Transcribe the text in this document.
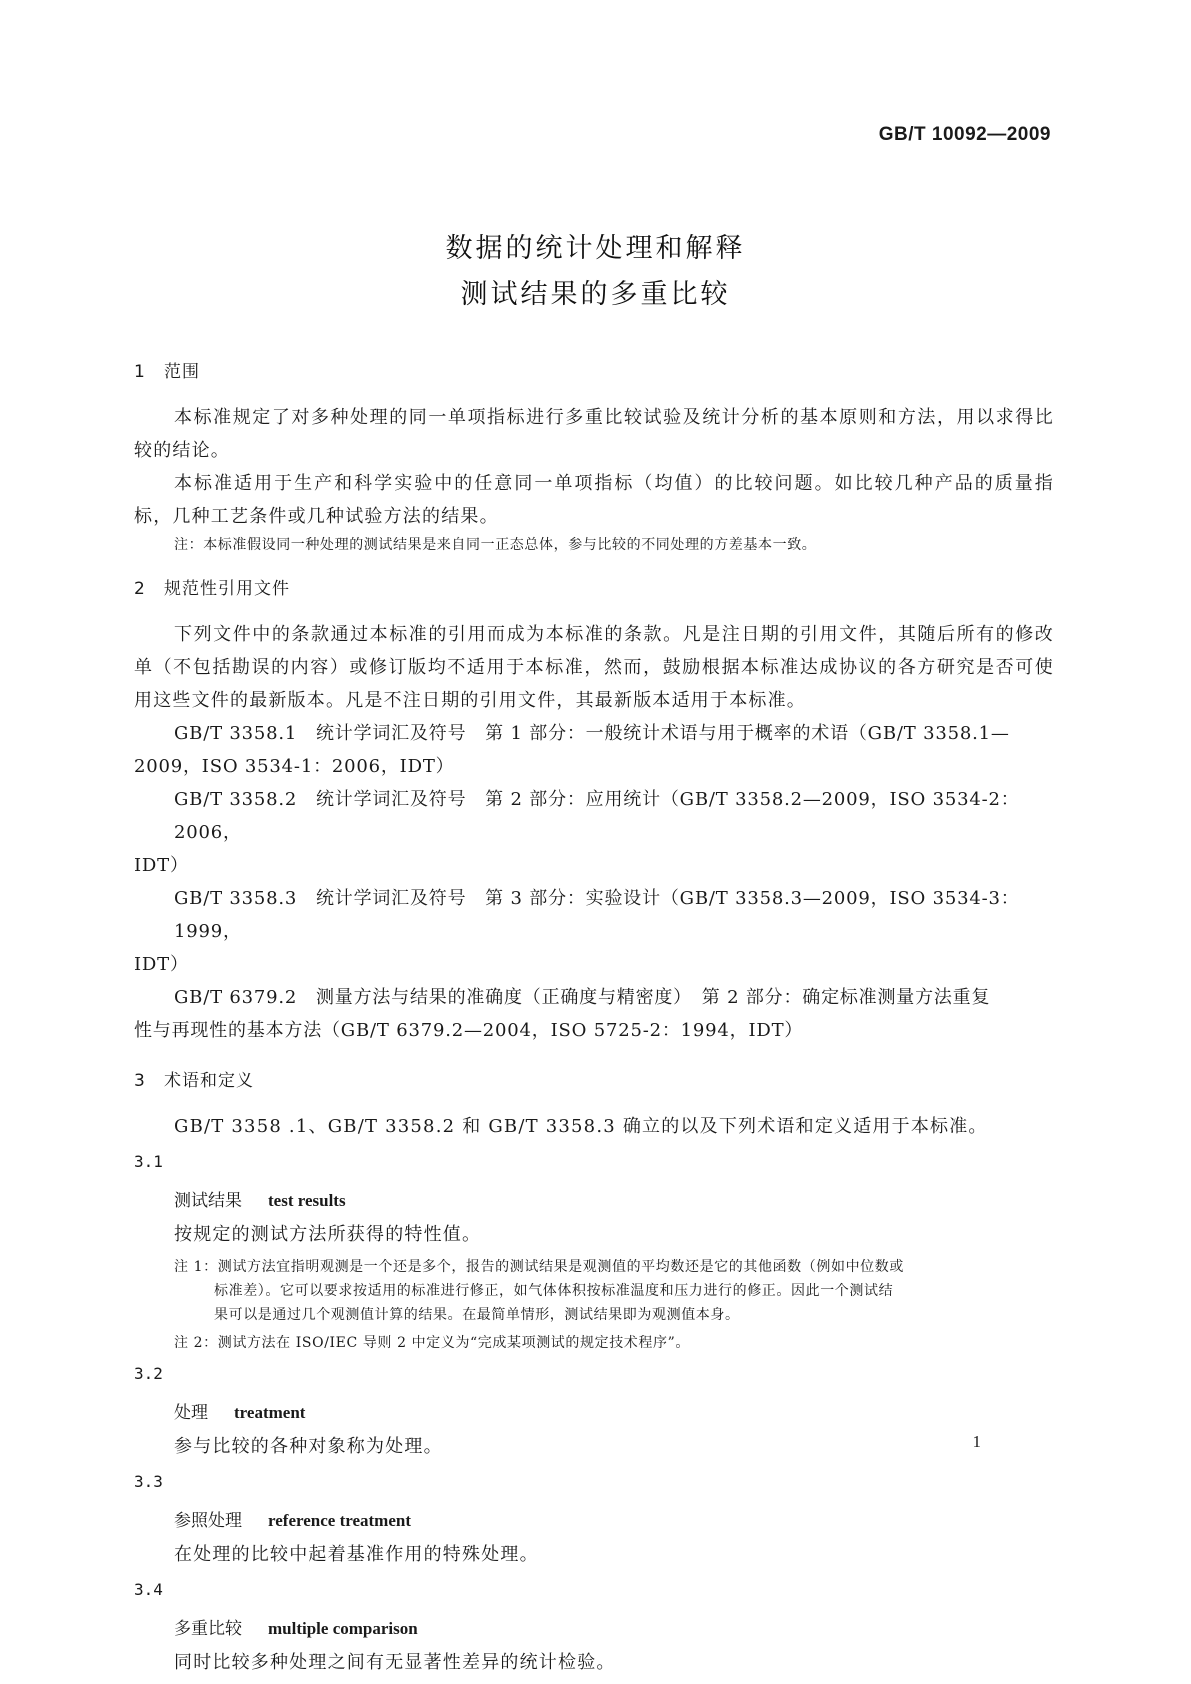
GB/T 10092—2009
数据的统计处理和解释
测试结果的多重比较
1 范围

本标准规定了对多种处理的同一单项指标进行多重比较试验及统计分析的基本原则和方法，用以求得比较的结论。

本标准适用于生产和科学实验中的任意同一单项指标（均值）的比较问题。如比较几种产品的质量指标，几种工艺条件或几种试验方法的结果。

注：本标准假设同一种处理的测试结果是来自同一正态总体，参与比较的不同处理的方差基本一致。

2 规范性引用文件

下列文件中的条款通过本标准的引用而成为本标准的条款。凡是注日期的引用文件，其随后所有的修改单（不包括勘误的内容）或修订版均不适用于本标准，然而，鼓励根据本标准达成协议的各方研究是否可使用这些文件的最新版本。凡是不注日期的引用文件，其最新版本适用于本标准。

GB/T 3358.1　统计学词汇及符号　第 1 部分：一般统计术语与用于概率的术语（GB/T 3358.1—

2009，ISO 3534-1：2006，IDT）

GB/T 3358.2　统计学词汇及符号　第 2 部分：应用统计（GB/T 3358.2—2009，ISO 3534-2：2006，

IDT）

GB/T 3358.3　统计学词汇及符号　第 3 部分：实验设计（GB/T 3358.3—2009，ISO 3534-3：1999，

IDT）

GB/T 6379.2　测量方法与结果的准确度（正确度与精密度）　第 2 部分：确定标准测量方法重复

性与再现性的基本方法（GB/T 6379.2—2004，ISO 5725-2：1994，IDT）

3 术语和定义

GB/T 3358 .1、GB/T 3358.2 和 GB/T 3358.3 确立的以及下列术语和定义适用于本标准。

3.1
测试结果 test results

按规定的测试方法所获得的特性值。

注 1：测试方法宜指明观测是一个还是多个，报告的测试结果是观测值的平均数还是它的其他函数（例如中位数或
标准差）。它可以要求按适用的标准进行修正，如气体体积按标准温度和压力进行的修正。因此一个测试结
果可以是通过几个观测值计算的结果。在最简单情形，测试结果即为观测值本身。
注 2：测试方法在 ISO/IEC 导则 2 中定义为“完成某项测试的规定技术程序”。
3.2
处理 treatment

参与比较的各种对象称为处理。

3.3
参照处理 reference treatment

在处理的比较中起着基准作用的特殊处理。

3.4
多重比较 multiple comparison

同时比较多种处理之间有无显著性差异的统计检验。

1
